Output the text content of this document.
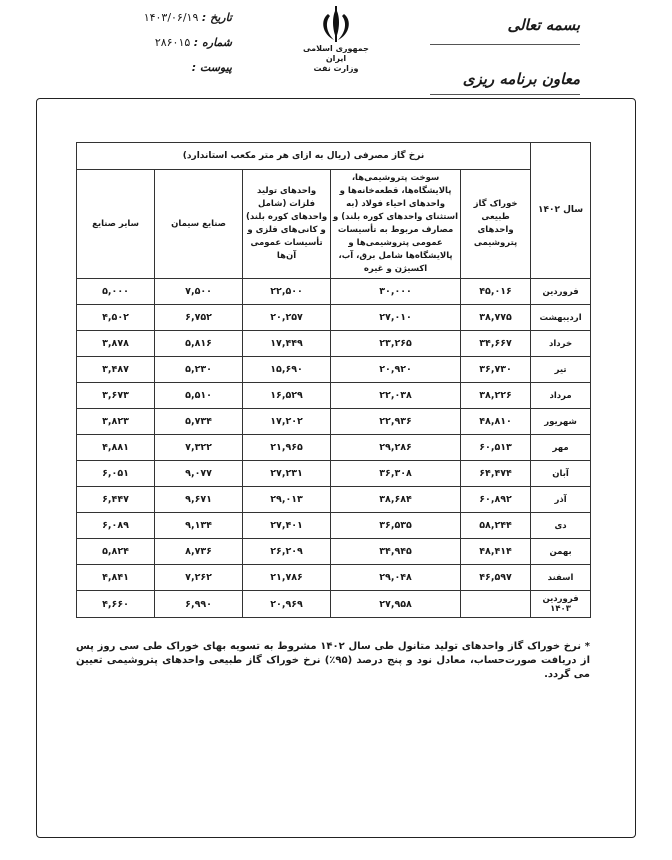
تاریخ : ۱۴۰۳/۰۶/۱۹
شماره : ۲۸۶۰۱۵
پیوست :
جمهوری اسلامی ایران
وزارت نفت
بسمه تعالی
معاون برنامه ریزی
سال ۱۴۰۲	نرخ گاز مصرفی (ریال به ازای هر متر مکعب استاندارد)				
	خوراک گاز طبیعی واحدهای پتروشیمی	سوخت پتروشیمی‌ها، پالایشگاه‌ها، قطعه‌خانه‌ها و واحدهای احیاء فولاد (به استثنای واحدهای کوره بلند) و مصارف مربوط به تأسیسات عمومی پتروشیمی‌ها و پالایشگاه‌ها شامل برق، آب، اکسیژن و غیره	واحدهای تولید فلزات (شامل واحدهای کوره بلند) و کانی‌های فلزی و تأسیسات عمومی آن‌ها	صنایع سیمان	سایر صنایع
فروردین	۴۵,۰۱۶	۳۰,۰۰۰	۲۲,۵۰۰	۷,۵۰۰	۵,۰۰۰
اردیبهشت	۳۸,۷۷۵	۲۷,۰۱۰	۲۰,۲۵۷	۶,۷۵۲	۴,۵۰۲
خرداد	۳۴,۶۶۷	۲۳,۲۶۵	۱۷,۴۴۹	۵,۸۱۶	۳,۸۷۸
تیر	۳۶,۷۳۰	۲۰,۹۲۰	۱۵,۶۹۰	۵,۲۳۰	۳,۴۸۷
مرداد	۳۸,۲۲۶	۲۲,۰۳۸	۱۶,۵۲۹	۵,۵۱۰	۳,۶۷۳
شهریور	۴۸,۸۱۰	۲۲,۹۳۶	۱۷,۲۰۲	۵,۷۳۴	۳,۸۲۳
مهر	۶۰,۵۱۳	۲۹,۲۸۶	۲۱,۹۶۵	۷,۳۲۲	۴,۸۸۱
آبان	۶۴,۴۷۴	۳۶,۳۰۸	۲۷,۲۳۱	۹,۰۷۷	۶,۰۵۱
آذر	۶۰,۸۹۲	۳۸,۶۸۴	۲۹,۰۱۳	۹,۶۷۱	۶,۴۴۷
دی	۵۸,۲۴۴	۳۶,۵۳۵	۲۷,۴۰۱	۹,۱۳۴	۶,۰۸۹
بهمن	۴۸,۴۱۴	۳۴,۹۴۵	۲۶,۲۰۹	۸,۷۳۶	۵,۸۲۴
اسفند	۴۶,۵۹۷	۲۹,۰۴۸	۲۱,۷۸۶	۷,۲۶۲	۴,۸۴۱
فروردین ۱۴۰۳		۲۷,۹۵۸	۲۰,۹۶۹	۶,۹۹۰	۴,۶۶۰
* نرخ خوراک گاز واحدهای تولید متانول طی سال ۱۴۰۲ مشروط به تسویه بهای خوراک طی سی روز پس از دریافت صورت‌حساب، معادل نود و پنج درصد (۹۵٪) نرخ خوراک گاز طبیعی واحدهای پتروشیمی تعیین می گردد.
